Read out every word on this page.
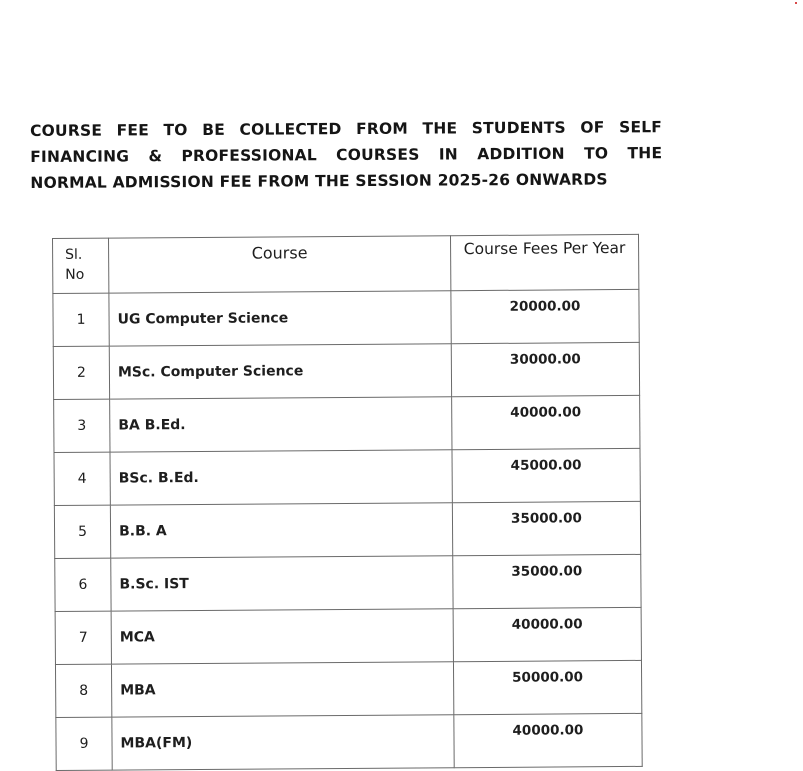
COURSE FEE TO BE COLLECTED FROM THE STUDENTS OF SELF
FINANCING & PROFESSIONAL COURSES IN ADDITION TO THE
NORMAL ADMISSION FEE FROM THE SESSION 2025-26 ONWARDS
Sl.
No	Course	Course Fees Per Year
1	UG Computer Science	20000.00
2	MSc. Computer Science	30000.00
3	BA B.Ed.	40000.00
4	BSc. B.Ed.	45000.00
5	B.B. A	35000.00
6	B.Sc. IST	35000.00
7	MCA	40000.00
8	MBA	50000.00
9	MBA(FM)	40000.00
